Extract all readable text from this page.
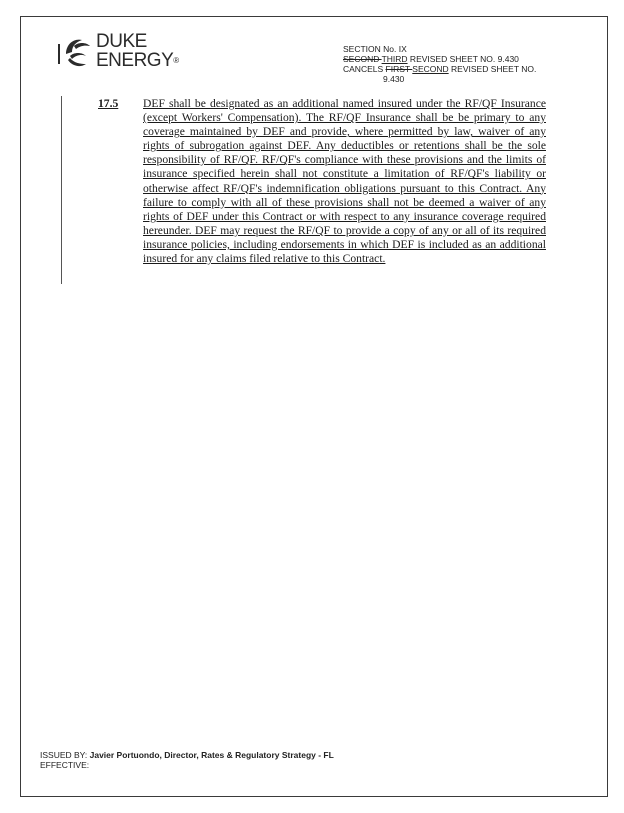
DUKE
ENERGY®
SECTION No. IX
SECOND THIRD REVISED SHEET NO. 9.430
CANCELS FIRST SECOND REVISED SHEET NO.
9.430
17.5 DEF shall be designated as an additional named insured under the RF/QF Insurance (except Workers' Compensation). The RF/QF Insurance shall be be primary to any coverage maintained by DEF and provide, where permitted by law, waiver of any rights of subrogation against DEF. Any deductibles or retentions shall be the sole responsibility of RF/QF. RF/QF's compliance with these provisions and the limits of insurance specified herein shall not constitute a limitation of RF/QF's liability or otherwise affect RF/QF's indemnification obligations pursuant to this Contract. Any failure to comply with all of these provisions shall not be deemed a waiver of any rights of DEF under this Contract or with respect to any insurance coverage required hereunder. DEF may request the RF/QF to provide a copy of any or all of its required insurance policies, including endorsements in which DEF is included as an additional insured for any claims filed relative to this Contract.
ISSUED BY: Javier Portuondo, Director, Rates & Regulatory Strategy - FL
EFFECTIVE:
